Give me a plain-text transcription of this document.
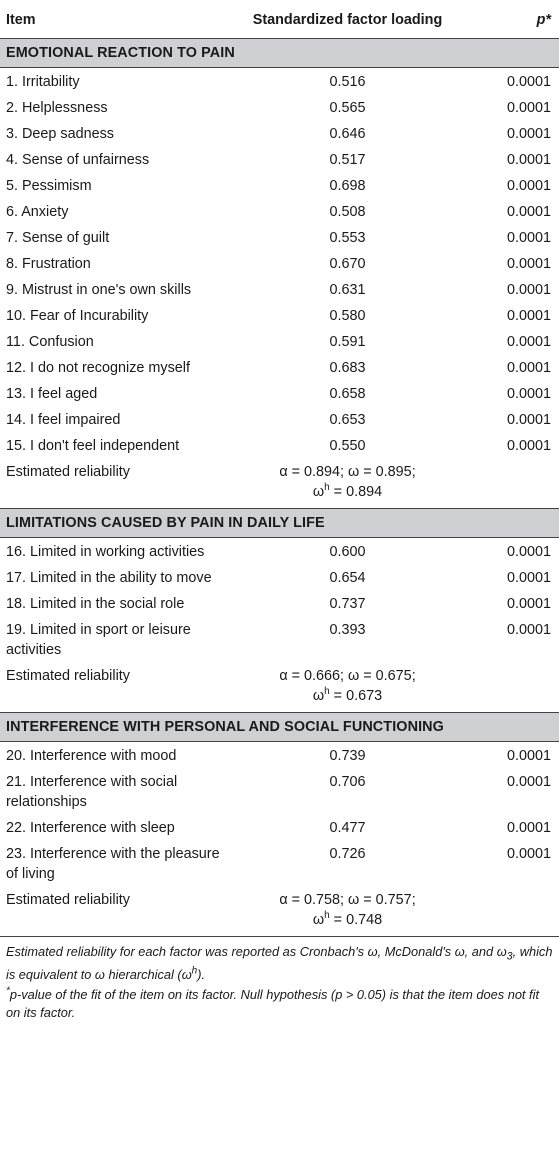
Item	Standardized factor loading	p*
EMOTIONAL REACTION TO PAIN		
1. Irritability	0.516	0.0001
2. Helplessness	0.565	0.0001
3. Deep sadness	0.646	0.0001
4. Sense of unfairness	0.517	0.0001
5. Pessimism	0.698	0.0001
6. Anxiety	0.508	0.0001
7. Sense of guilt	0.553	0.0001
8. Frustration	0.670	0.0001
9. Mistrust in one's own skills	0.631	0.0001
10. Fear of Incurability	0.580	0.0001
11. Confusion	0.591	0.0001
12. I do not recognize myself	0.683	0.0001
13. I feel aged	0.658	0.0001
14. I feel impaired	0.653	0.0001
15. I don't feel independent	0.550	0.0001
Estimated reliability	α = 0.894; ω = 0.895;
$\omega^h = 0.894$	
LIMITATIONS CAUSED BY PAIN IN DAILY LIFE		
16. Limited in working activities	0.600	0.0001
17. Limited in the ability to move	0.654	0.0001
18. Limited in the social role	0.737	0.0001
19. Limited in sport or leisure activities	0.393	0.0001
Estimated reliability	α = 0.666; ω = 0.675;
$\omega^h = 0.673$	
INTERFERENCE WITH PERSONAL AND SOCIAL FUNCTIONING		
20. Interference with mood	0.739	0.0001
21. Interference with social relationships	0.706	0.0001
22. Interference with sleep	0.477	0.0001
23. Interference with the pleasure of living	0.726	0.0001
Estimated reliability	α = 0.758; ω = 0.757;
$\omega^h = 0.748$	

Estimated reliability for each factor was reported as Cronbach's ω, McDonald's ω, and $\omega_3$, which is equivalent to ω hierarchical $(\omega^h)$.

*p-value of the fit of the item on its factor. Null hypothesis (p > 0.05) is that the item does not fit on its factor.
